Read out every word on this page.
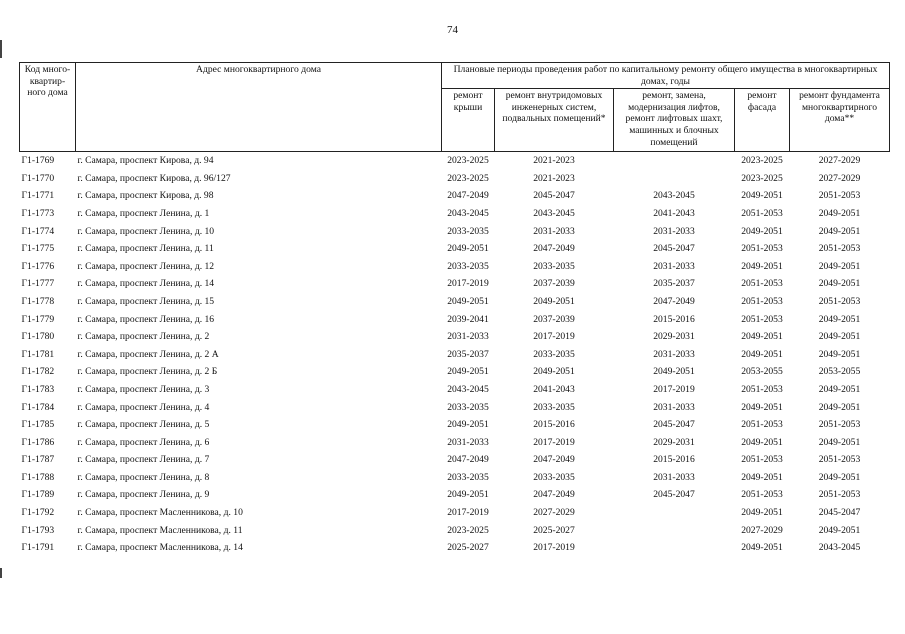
74
Код много-квартир-ного дома	Адрес многоквартирного дома	Плановые периоды проведения работ по капитальному ремонту общего имущества в многоквартирных домах, годы				
		ремонт крыши	ремонт внутридомовых инженерных систем, подвальных помещений*	ремонт, замена, модернизация лифтов, ремонт лифтовых шахт, машинных и блочных помещений	ремонт фасада	ремонт фундамента многоквартирного дома**
Г1-1769	г. Самара, проспект Кирова, д. 94	2023-2025	2021-2023		2023-2025	2027-2029
Г1-1770	г. Самара, проспект Кирова, д. 96/127	2023-2025	2021-2023		2023-2025	2027-2029
Г1-1771	г. Самара, проспект Кирова, д. 98	2047-2049	2045-2047	2043-2045	2049-2051	2051-2053
Г1-1773	г. Самара, проспект Ленина, д. 1	2043-2045	2043-2045	2041-2043	2051-2053	2049-2051
Г1-1774	г. Самара, проспект Ленина, д. 10	2033-2035	2031-2033	2031-2033	2049-2051	2049-2051
Г1-1775	г. Самара, проспект Ленина, д. 11	2049-2051	2047-2049	2045-2047	2051-2053	2051-2053
Г1-1776	г. Самара, проспект Ленина, д. 12	2033-2035	2033-2035	2031-2033	2049-2051	2049-2051
Г1-1777	г. Самара, проспект Ленина, д. 14	2017-2019	2037-2039	2035-2037	2051-2053	2049-2051
Г1-1778	г. Самара, проспект Ленина, д. 15	2049-2051	2049-2051	2047-2049	2051-2053	2051-2053
Г1-1779	г. Самара, проспект Ленина, д. 16	2039-2041	2037-2039	2015-2016	2051-2053	2049-2051
Г1-1780	г. Самара, проспект Ленина, д. 2	2031-2033	2017-2019	2029-2031	2049-2051	2049-2051
Г1-1781	г. Самара, проспект Ленина, д. 2 А	2035-2037	2033-2035	2031-2033	2049-2051	2049-2051
Г1-1782	г. Самара, проспект Ленина, д. 2 Б	2049-2051	2049-2051	2049-2051	2053-2055	2053-2055
Г1-1783	г. Самара, проспект Ленина, д. 3	2043-2045	2041-2043	2017-2019	2051-2053	2049-2051
Г1-1784	г. Самара, проспект Ленина, д. 4	2033-2035	2033-2035	2031-2033	2049-2051	2049-2051
Г1-1785	г. Самара, проспект Ленина, д. 5	2049-2051	2015-2016	2045-2047	2051-2053	2051-2053
Г1-1786	г. Самара, проспект Ленина, д. 6	2031-2033	2017-2019	2029-2031	2049-2051	2049-2051
Г1-1787	г. Самара, проспект Ленина, д. 7	2047-2049	2047-2049	2015-2016	2051-2053	2051-2053
Г1-1788	г. Самара, проспект Ленина, д. 8	2033-2035	2033-2035	2031-2033	2049-2051	2049-2051
Г1-1789	г. Самара, проспект Ленина, д. 9	2049-2051	2047-2049	2045-2047	2051-2053	2051-2053
Г1-1792	г. Самара, проспект Масленникова, д. 10	2017-2019	2027-2029		2049-2051	2045-2047
Г1-1793	г. Самара, проспект Масленникова, д. 11	2023-2025	2025-2027		2027-2029	2049-2051
Г1-1791	г. Самара, проспект Масленникова, д. 14	2025-2027	2017-2019		2049-2051	2043-2045
